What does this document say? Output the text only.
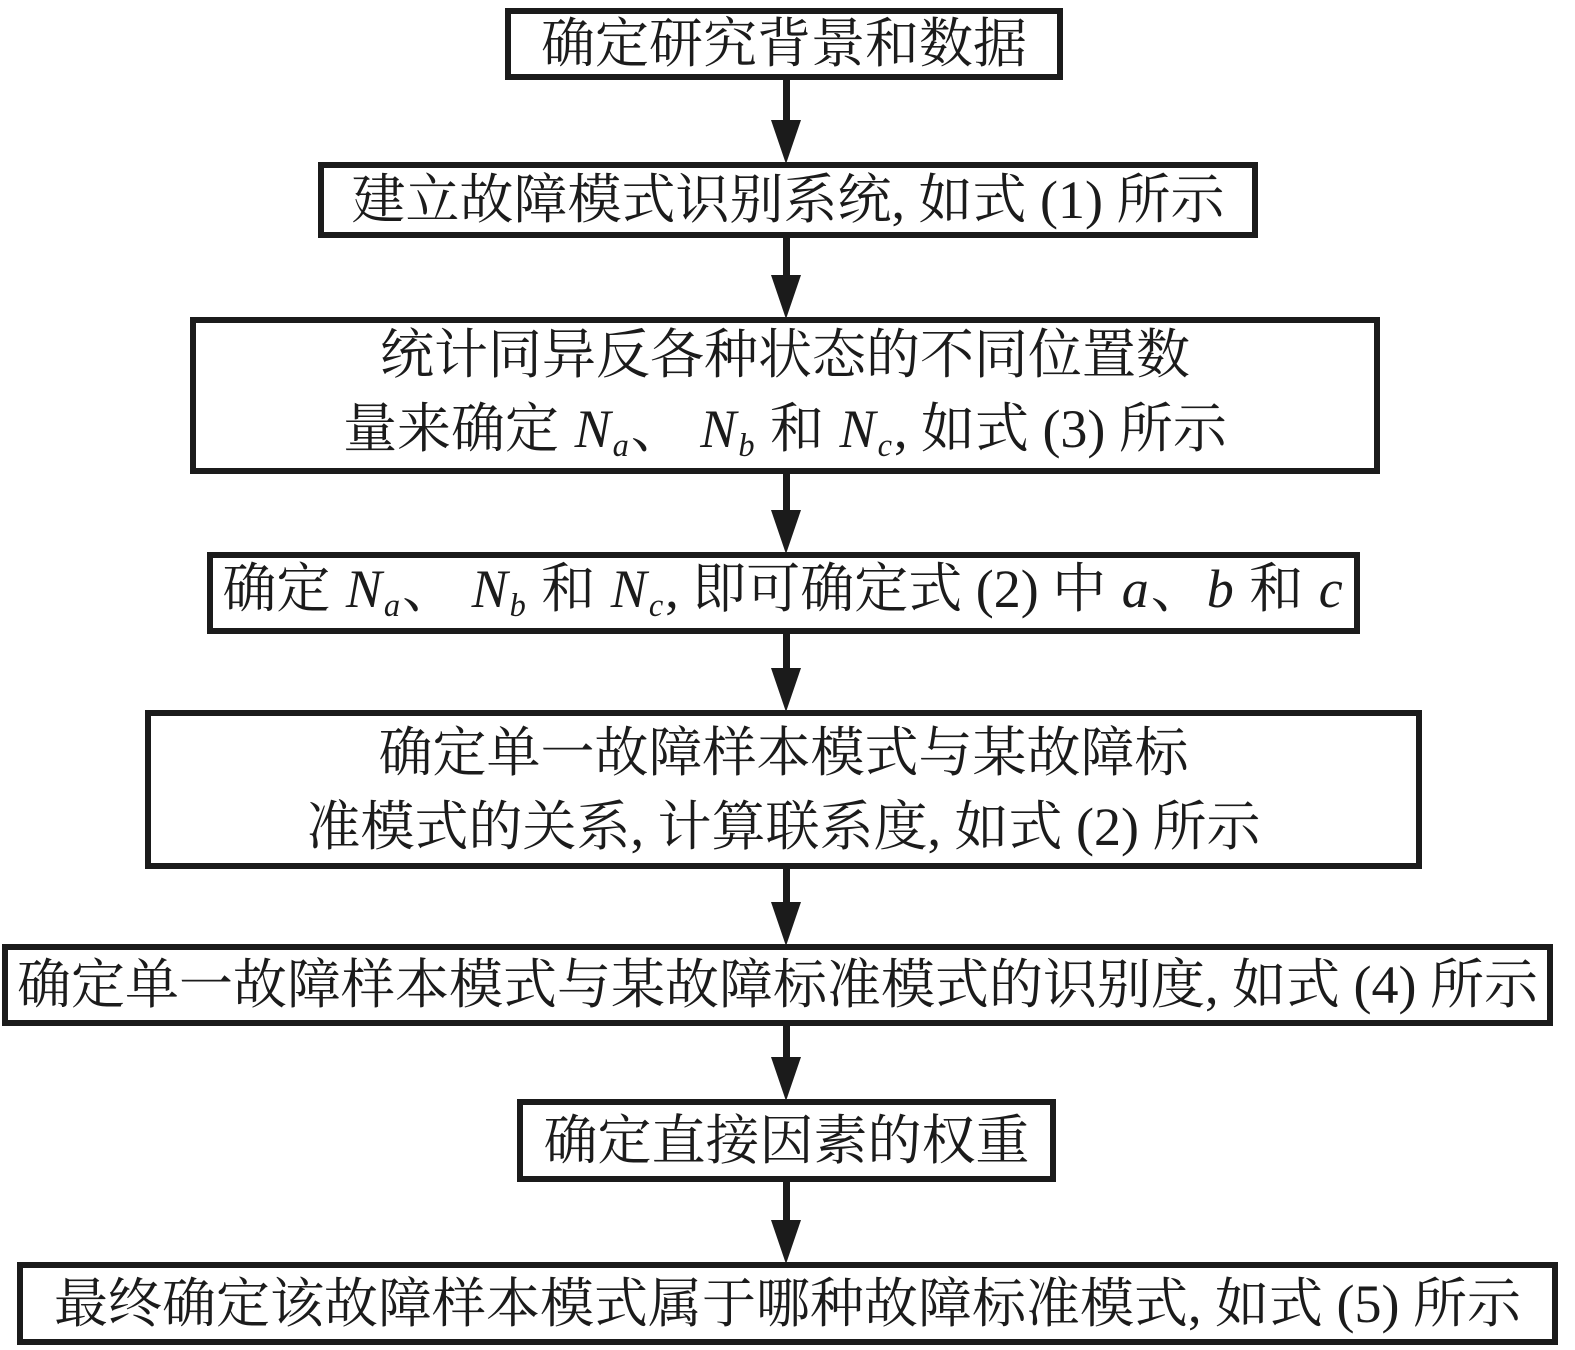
确定研究背景和数据
建立故障模式识别系统, 如式 (1) 所示
统计同异反各种状态的不同位置数
量来确定 Na、 Nb 和 Nc, 如式 (3) 所示
确定 Na、 Nb 和 Nc, 即可确定式 (2) 中 a、b 和 c
确定单一故障样本模式与某故障标
准模式的关系, 计算联系度, 如式 (2) 所示
确定单一故障样本模式与某故障标准模式的识别度, 如式 (4) 所示
确定直接因素的权重
最终确定该故障样本模式属于哪种故障标准模式, 如式 (5) 所示
